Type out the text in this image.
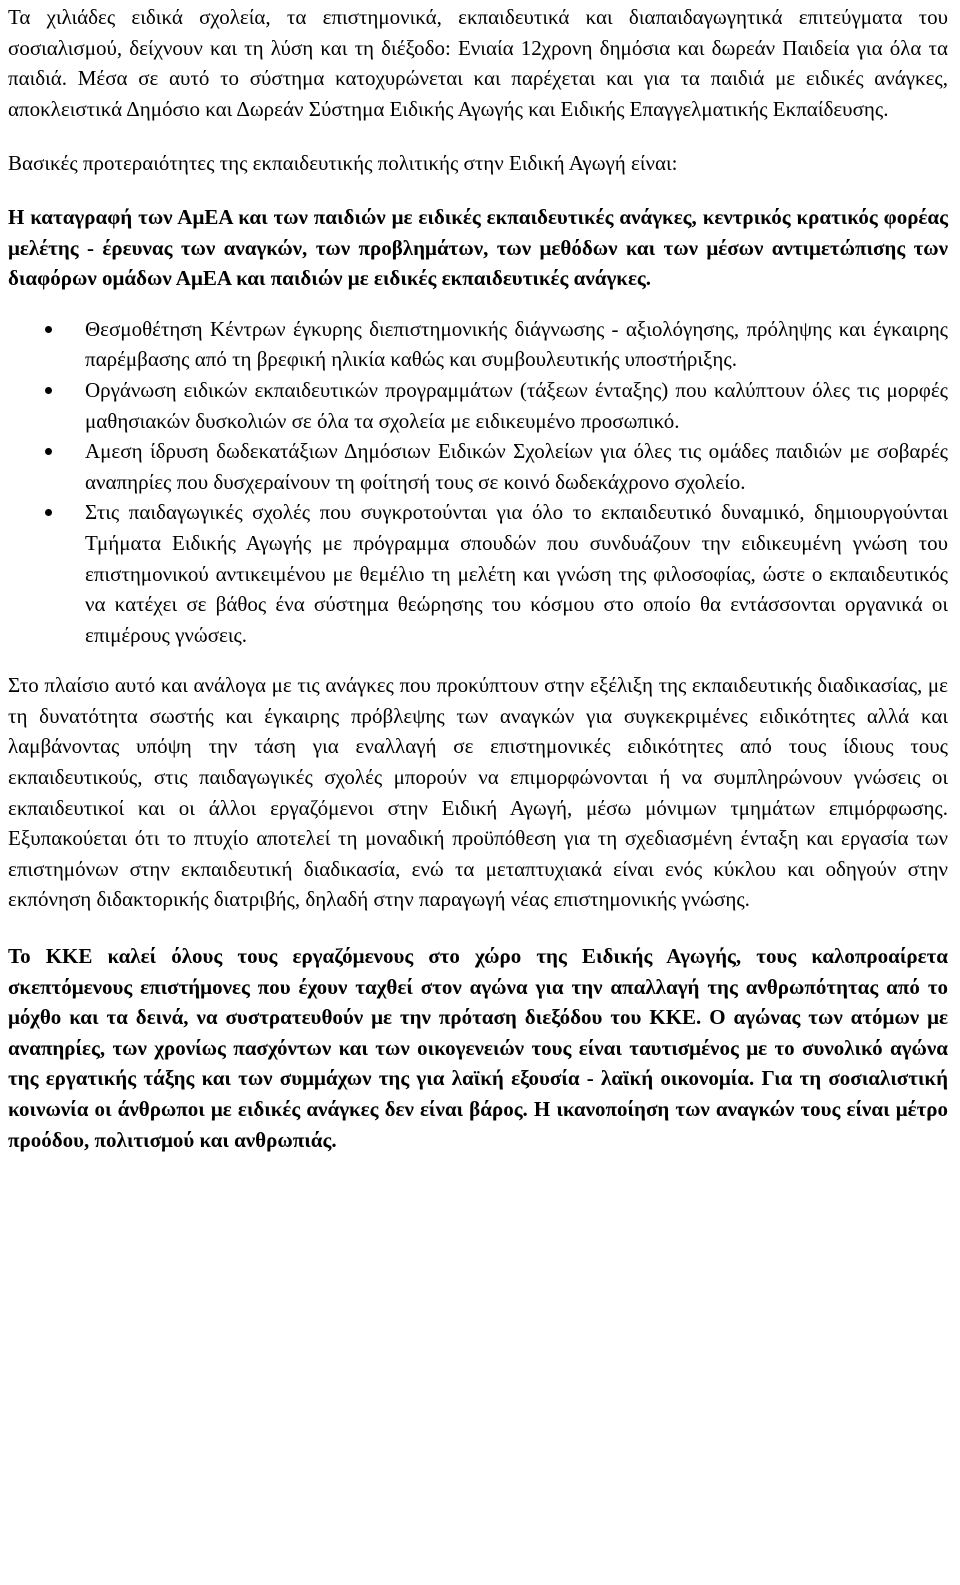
Τα χιλιάδες ειδικά σχολεία, τα επιστημονικά, εκπαιδευτικά και διαπαιδαγωγητικά επιτεύγματα του σοσιαλισμού, δείχνουν και τη λύση και τη διέξοδο: Ενιαία 12χρονη δημόσια και δωρεάν Παιδεία για όλα τα παιδιά. Μέσα σε αυτό το σύστημα κατοχυρώνεται και παρέχεται και για τα παιδιά με ειδικές ανάγκες, αποκλειστικά Δημόσιο και Δωρεάν Σύστημα Ειδικής Αγωγής και Ειδικής Επαγγελματικής Εκπαίδευσης.

Βασικές προτεραιότητες της εκπαιδευτικής πολιτικής στην Ειδική Αγωγή είναι:

Η καταγραφή των ΑμΕΑ και των παιδιών με ειδικές εκπαιδευτικές ανάγκες, κεντρικός κρατικός φορέας μελέτης - έρευνας των αναγκών, των προβλημάτων, των μεθόδων και των μέσων αντιμετώπισης των διαφόρων ομάδων ΑμΕΑ και παιδιών με ειδικές εκπαιδευτικές ανάγκες.

Θεσμοθέτηση Κέντρων έγκυρης διεπιστημονικής διάγνωσης - αξιολόγησης, πρόληψης και έγκαιρης παρέμβασης από τη βρεφική ηλικία καθώς και συμβουλευτικής υποστήριξης.
Οργάνωση ειδικών εκπαιδευτικών προγραμμάτων (τάξεων ένταξης) που καλύπτουν όλες τις μορφές μαθησιακών δυσκολιών σε όλα τα σχολεία με ειδικευμένο προσωπικό.
Αμεση ίδρυση δωδεκατάξιων Δημόσιων Ειδικών Σχολείων για όλες τις ομάδες παιδιών με σοβαρές αναπηρίες που δυσχεραίνουν τη φοίτησή τους σε κοινό δωδεκάχρονο σχολείο.
Στις παιδαγωγικές σχολές που συγκροτούνται για όλο το εκπαιδευτικό δυναμικό, δημιουργούνται Τμήματα Ειδικής Αγωγής με πρόγραμμα σπουδών που συνδυάζουν την ειδικευμένη γνώση του επιστημονικού αντικειμένου με θεμέλιο τη μελέτη και γνώση της φιλοσοφίας, ώστε ο εκπαιδευτικός να κατέχει σε βάθος ένα σύστημα θεώρησης του κόσμου στο οποίο θα εντάσσονται οργανικά οι επιμέρους γνώσεις.

Στο πλαίσιο αυτό και ανάλογα με τις ανάγκες που προκύπτουν στην εξέλιξη της εκπαιδευτικής διαδικασίας, με τη δυνατότητα σωστής και έγκαιρης πρόβλεψης των αναγκών για συγκεκριμένες ειδικότητες αλλά και λαμβάνοντας υπόψη την τάση για εναλλαγή σε επιστημονικές ειδικότητες από τους ίδιους τους εκπαιδευτικούς, στις παιδαγωγικές σχολές μπορούν να επιμορφώνονται ή να συμπληρώνουν γνώσεις οι εκπαιδευτικοί και οι άλλοι εργαζόμενοι στην Ειδική Αγωγή, μέσω μόνιμων τμημάτων επιμόρφωσης. Εξυπακούεται ότι το πτυχίο αποτελεί τη μοναδική προϋπόθεση για τη σχεδιασμένη ένταξη και εργασία των επιστημόνων στην εκπαιδευτική διαδικασία, ενώ τα μεταπτυχιακά είναι ενός κύκλου και οδηγούν στην εκπόνηση διδακτορικής διατριβής, δηλαδή στην παραγωγή νέας επιστημονικής γνώσης.

Το ΚΚΕ καλεί όλους τους εργαζόμενους στο χώρο της Ειδικής Αγωγής, τους καλοπροαίρετα σκεπτόμενους επιστήμονες που έχουν ταχθεί στον αγώνα για την απαλλαγή της ανθρωπότητας από το μόχθο και τα δεινά, να συστρατευθούν με την πρόταση διεξόδου του ΚΚΕ. Ο αγώνας των ατόμων με αναπηρίες, των χρονίως πασχόντων και των οικογενειών τους είναι ταυτισμένος με το συνολικό αγώνα της εργατικής τάξης και των συμμάχων της για λαϊκή εξουσία - λαϊκή οικονομία. Για τη σοσιαλιστική κοινωνία οι άνθρωποι με ειδικές ανάγκες δεν είναι βάρος. Η ικανοποίηση των αναγκών τους είναι μέτρο προόδου, πολιτισμού και ανθρωπιάς.
